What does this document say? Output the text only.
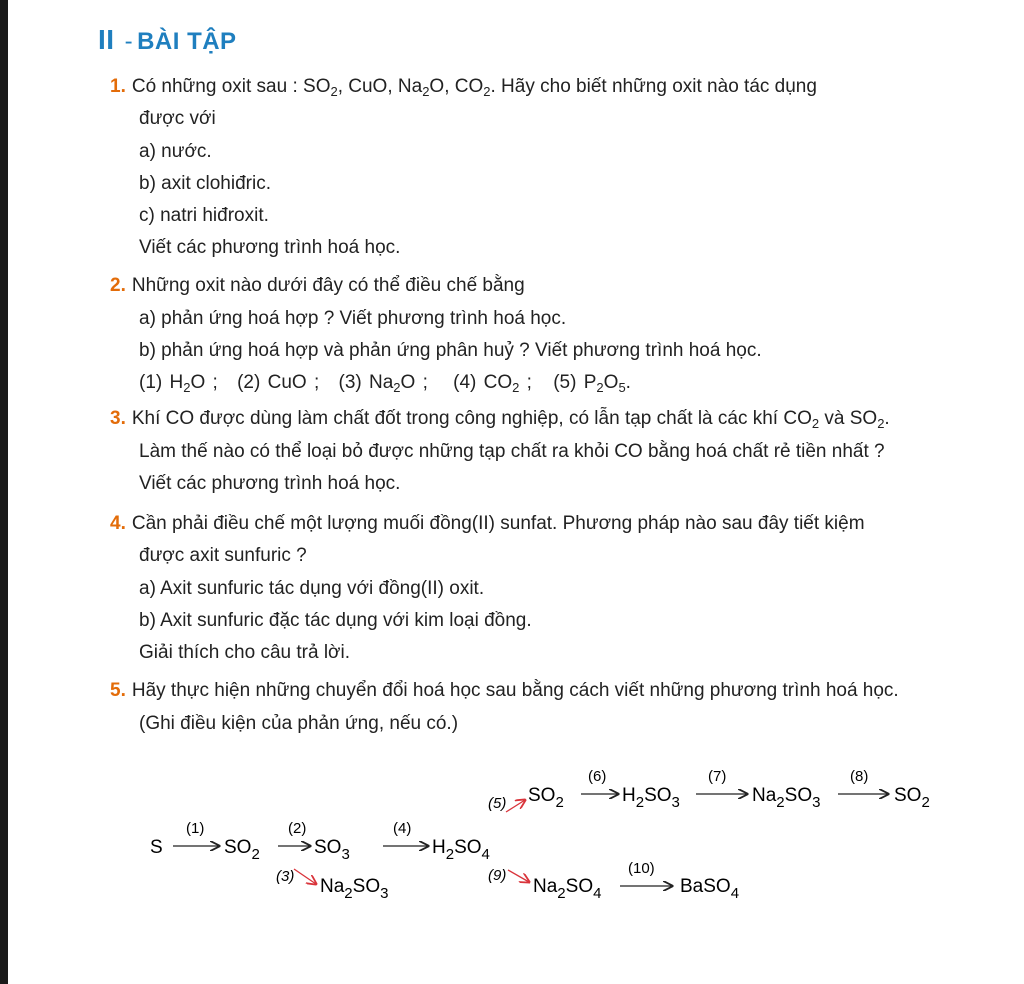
II - BÀI TẬP
1. Có những oxit sau : $SO_2$, CuO, $Na_2O$, $CO_2$. Hãy cho biết những oxit nào tác dụng
được với
a) nước.
b) axit clohiđric.
c) natri hiđroxit.
Viết các phương trình hoá học.
2. Những oxit nào dưới đây có thể điều chế bằng
a) phản ứng hoá hợp ? Viết phương trình hoá học.
b) phản ứng hoá hợp và phản ứng phân huỷ ? Viết phương trình hoá học.
(1) $H_2O$ ; (2) CuO ; (3) $Na_2O$ ; (4) $CO_2$ ; (5) $P_2O_5$.
3. Khí CO được dùng làm chất đốt trong công nghiệp, có lẫn tạp chất là các khí $CO_2$ và $SO_2$.
Làm thế nào có thể loại bỏ được những tạp chất ra khỏi CO bằng hoá chất rẻ tiền nhất ?
Viết các phương trình hoá học.
4. Cần phải điều chế một lượng muối đồng(II) sunfat. Phương pháp nào sau đây tiết kiệm
được axit sunfuric ?
a) Axit sunfuric tác dụng với đồng(II) oxit.
b) Axit sunfuric đặc tác dụng với kim loại đồng.
Giải thích cho câu trả lời.
5. Hãy thực hiện những chuyển đổi hoá học sau bằng cách viết những phương trình hoá học.
(Ghi điều kiện của phản ứng, nếu có.)
S	$SO_2$	$SO_3$	$H_2SO_4$
$SO_2$	$H_2SO_3$	$Na_2SO_3$	$SO_2$
$Na_2SO_3$	$Na_2SO_4$	BaSO$_4$
(1)	(2)	(4)
(6)	(7)	(8)
(10)
(3)
(5)
(9)
